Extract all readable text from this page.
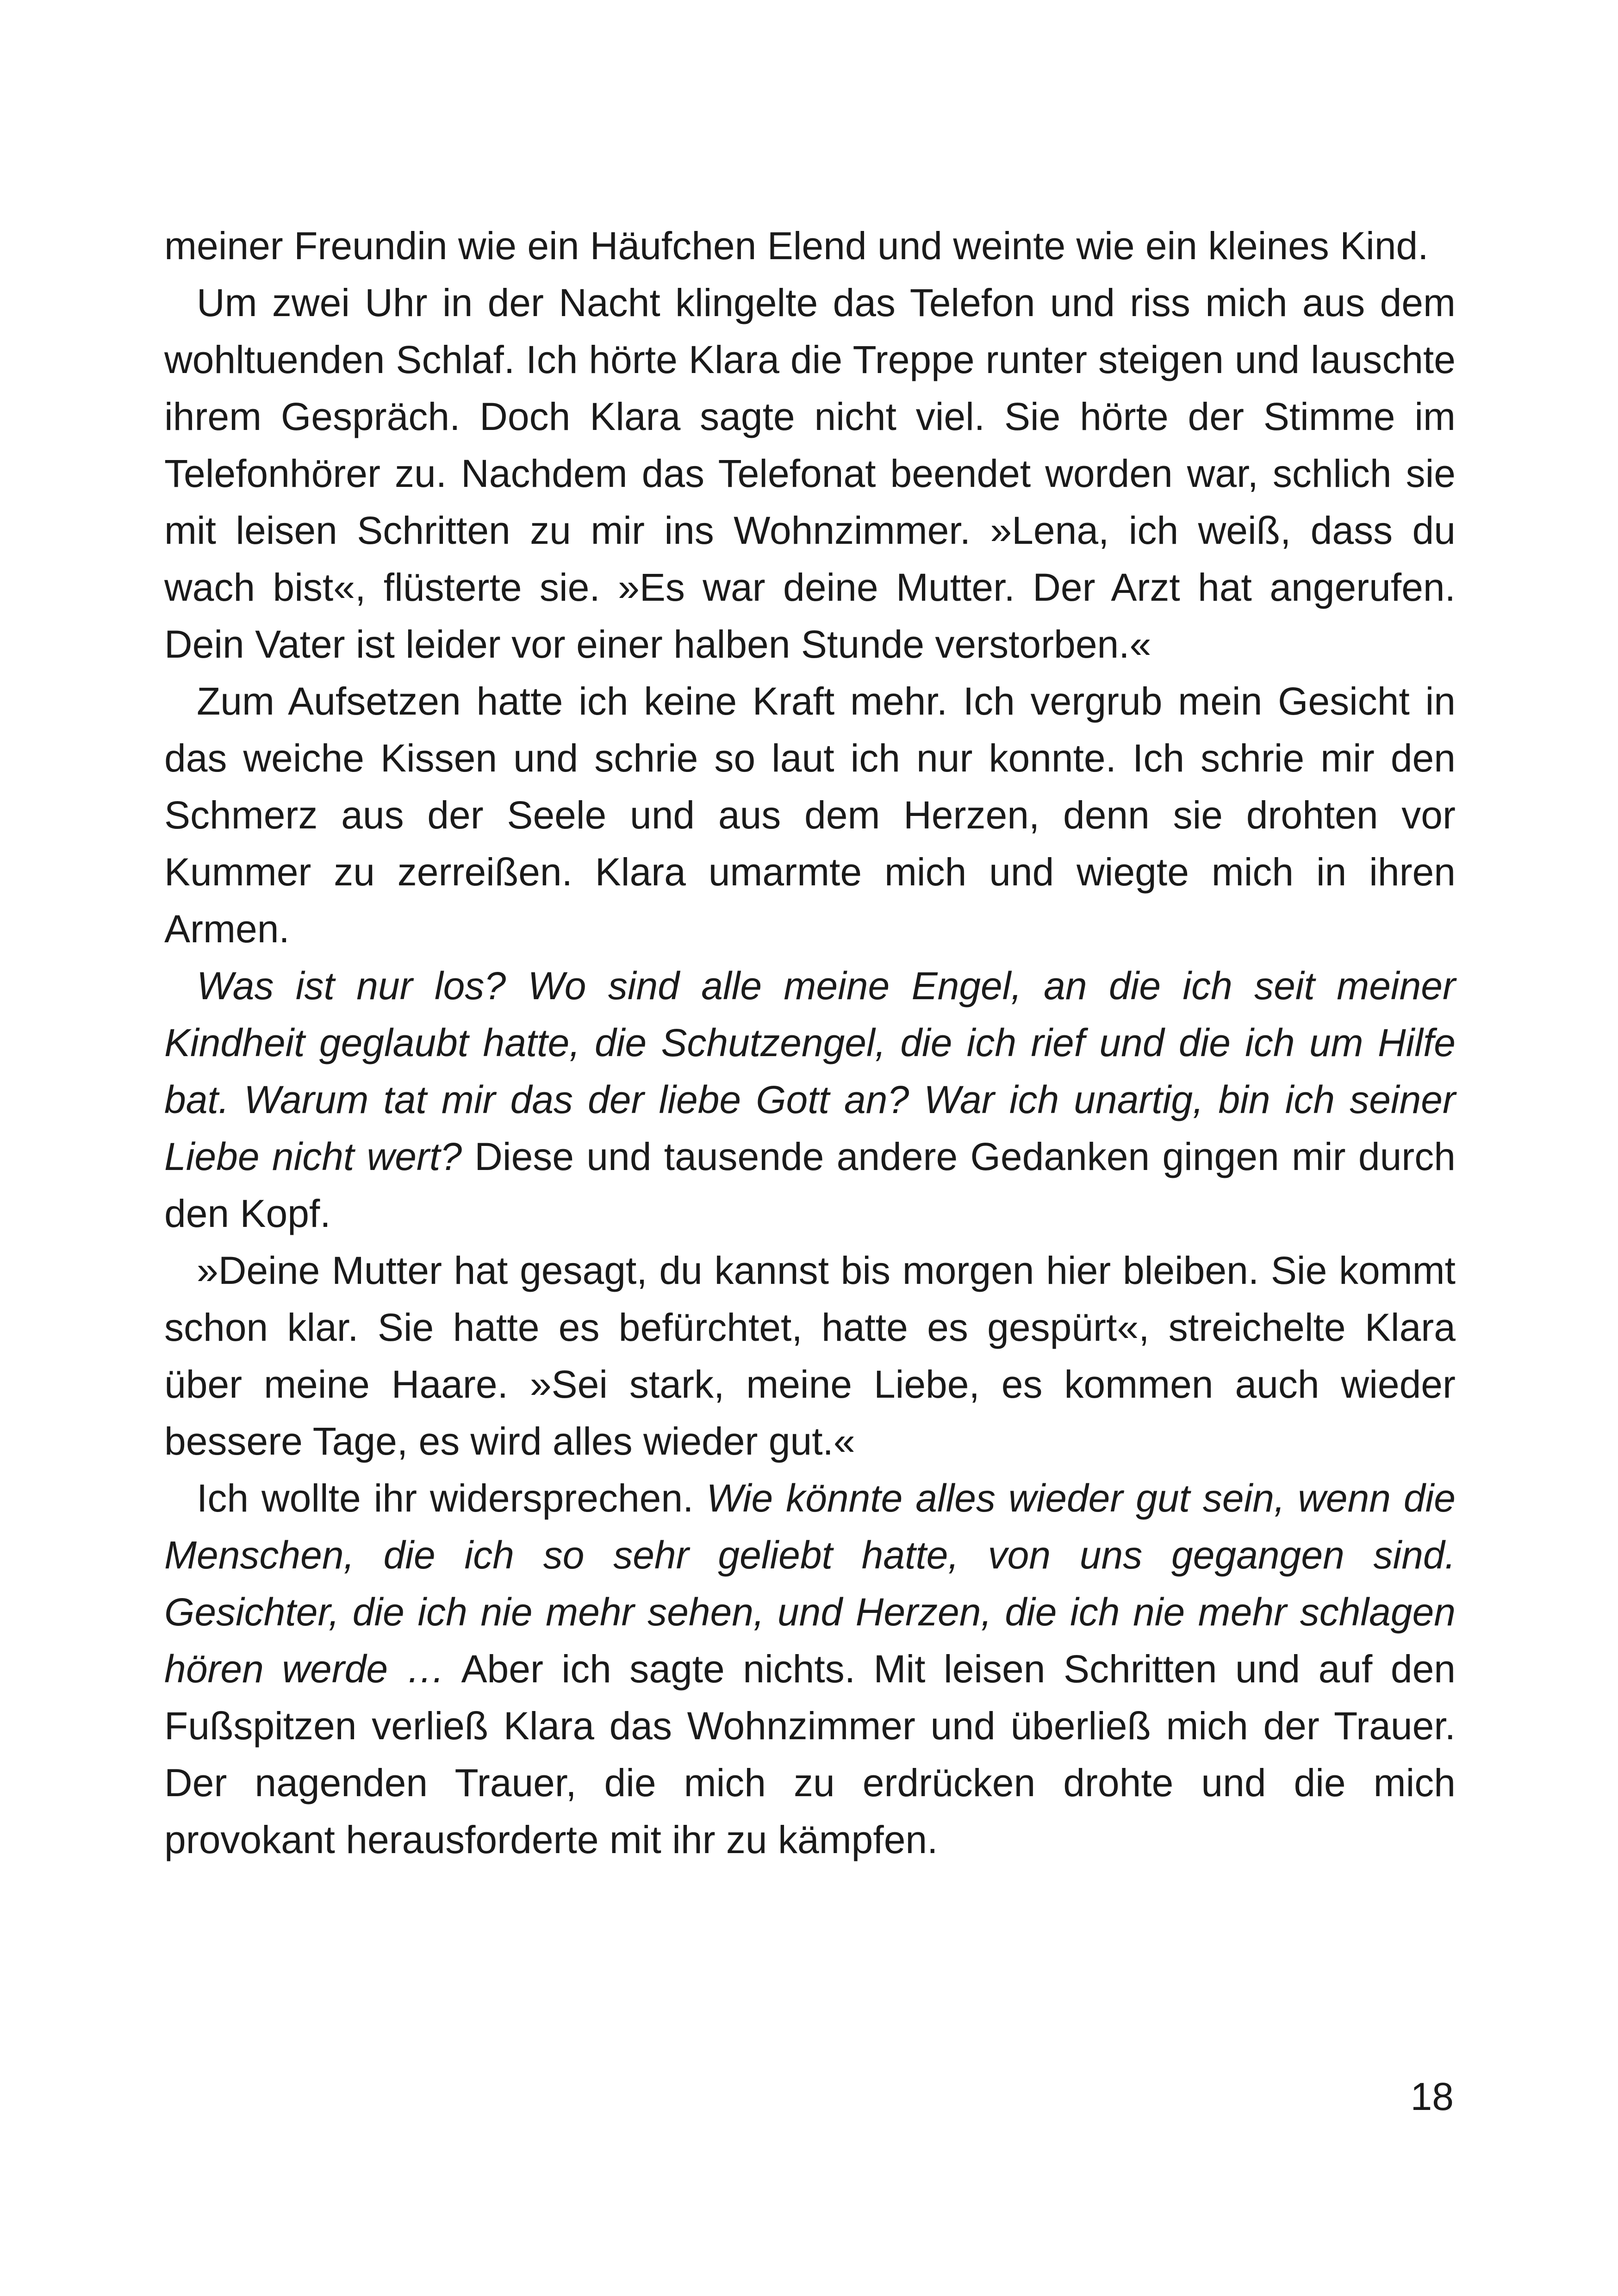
meiner Freundin wie ein Häufchen Elend und weinte wie ein kleines Kind.

Um zwei Uhr in der Nacht klingelte das Telefon und riss mich aus dem wohltuenden Schlaf. Ich hörte Klara die Treppe runter steigen und lauschte ihrem Gespräch. Doch Klara sagte nicht viel. Sie hörte der Stimme im Telefonhörer zu. Nachdem das Telefonat beendet worden war, schlich sie mit leisen Schritten zu mir ins Wohnzimmer. »Lena, ich weiß, dass du wach bist«, flüsterte sie. »Es war deine Mutter. Der Arzt hat angerufen. Dein Vater ist leider vor einer halben Stunde verstorben.«

Zum Aufsetzen hatte ich keine Kraft mehr. Ich vergrub mein Gesicht in das weiche Kissen und schrie so laut ich nur konnte. Ich schrie mir den Schmerz aus der Seele und aus dem Herzen, denn sie drohten vor Kummer zu zerreißen. Klara umarmte mich und wiegte mich in ihren Armen.

Was ist nur los? Wo sind alle meine Engel, an die ich seit meiner Kindheit geglaubt hatte, die Schutzengel, die ich rief und die ich um Hilfe bat. Warum tat mir das der liebe Gott an? War ich unartig, bin ich seiner Liebe nicht wert? Diese und tausende andere Gedanken gingen mir durch den Kopf.

»Deine Mutter hat gesagt, du kannst bis morgen hier bleiben. Sie kommt schon klar. Sie hatte es befürchtet, hatte es gespürt«, streichelte Klara über meine Haare. »Sei stark, meine Liebe, es kommen auch wieder bessere Tage, es wird alles wieder gut.«

Ich wollte ihr widersprechen. Wie könnte alles wieder gut sein, wenn die Menschen, die ich so sehr geliebt hatte, von uns gegangen sind. Gesichter, die ich nie mehr sehen, und Herzen, die ich nie mehr schlagen hören werde … Aber ich sagte nichts. Mit leisen Schritten und auf den Fußspitzen verließ Klara das Wohnzimmer und überließ mich der Trauer. Der nagenden Trauer, die mich zu erdrücken drohte und die mich provokant herausforderte mit ihr zu kämpfen.

18
